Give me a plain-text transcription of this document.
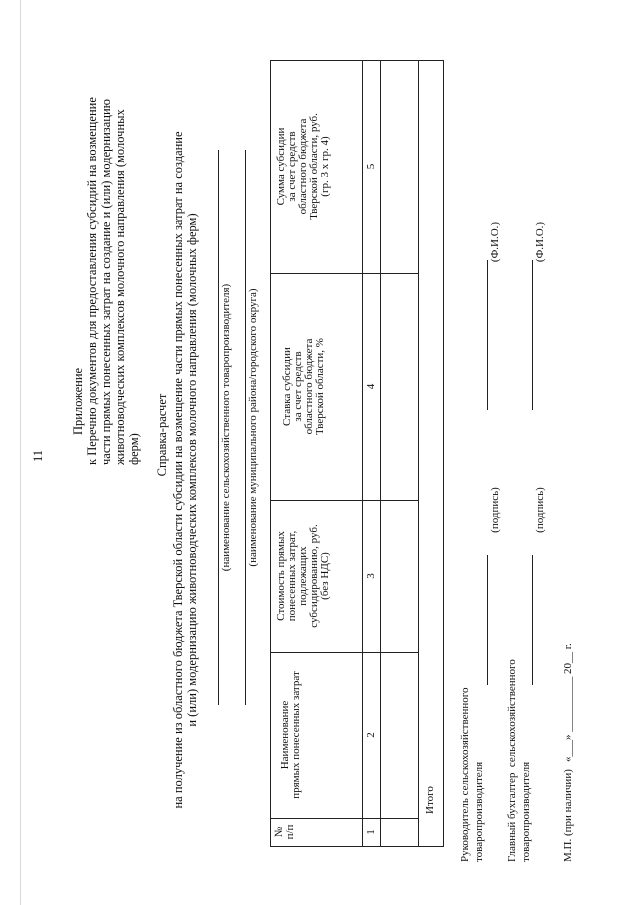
11
Приложение к Перечню документов для предоставления субсидий на возмещение части прямых понесенных затрат на создание и (или) модернизацию животноводческих комплексов молочного направления (молочных ферм) Справка-расчет на получение из областного бюджета Тверской области субсидии на возмещение части прямых понесенных затрат на создание и (или) модернизацию животноводческих комплексов молочного направления (молочных ферм) (наименование сельскохозяйственного товаропроизводителя) (наименование муниципального района/городского округа)
№
п/п
Наименование
прямых понесенных затрат
Стоимость прямых
понесенных затрат,
подлежащих
субсидированию, руб.
(без НДС)
Ставка субсидии
за счет средств
областного бюджета
Тверской области, %
Сумма субсидии
за счет средств
областного бюджета
Тверской области, руб.
(гр. 3 х гр. 4)
1
2
3
4
5
Итого Руководитель сельскохозяйственного
товаропроизводителя
(подпись)
(Ф.И.О.)
Главный бухгалтер  сельскохозяйственного
товаропроизводителя
(подпись)
(Ф.И.О.)
М.П. (при наличии)
«___» __________ 20__ г.
